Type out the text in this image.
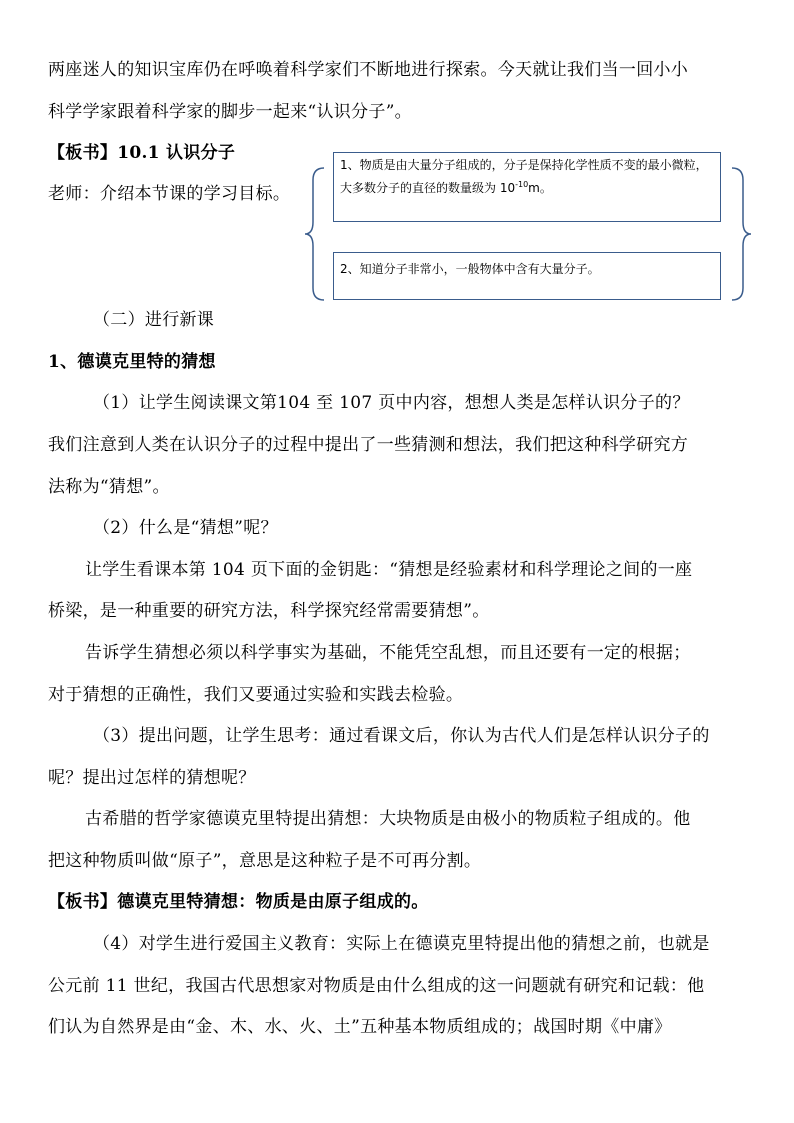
两座迷人的知识宝库仍在呼唤着科学家们不断地进行探索。今天就让我们当一回小小
科学学家跟着科学家的脚步一起来“认识分子”。
【板书】10.1 认识分子
老师：介绍本节课的学习目标。
1、物质是由大量分子组成的，分子是保持化学性质不变的最小微粒，大多数分子的直径的数量级为 $10^{-10}m$。
2、知道分子非常小，一般物体中含有大量分子。
（二）进行新课
1、德谟克里特的猜想
（1）让学生阅读课文第104 至 107 页中内容，想想人类是怎样认识分子的？
我们注意到人类在认识分子的过程中提出了一些猜测和想法，我们把这种科学研究方
法称为“猜想”。
（2）什么是“猜想”呢？
让学生看课本第 104 页下面的金钥匙：“猜想是经验素材和科学理论之间的一座
桥梁，是一种重要的研究方法，科学探究经常需要猜想”。
告诉学生猜想必须以科学事实为基础，不能凭空乱想，而且还要有一定的根据；
对于猜想的正确性，我们又要通过实验和实践去检验。
（3）提出问题，让学生思考：通过看课文后，你认为古代人们是怎样认识分子的
呢？提出过怎样的猜想呢？
古希腊的哲学家德谟克里特提出猜想：大块物质是由极小的物质粒子组成的。他
把这种物质叫做“原子”，意思是这种粒子是不可再分割。
【板书】德谟克里特猜想：物质是由原子组成的。
（4）对学生进行爱国主义教育：实际上在德谟克里特提出他的猜想之前，也就是
公元前 11 世纪，我国古代思想家对物质是由什么组成的这一问题就有研究和记载：他
们认为自然界是由“金、木、水、火、土”五种基本物质组成的；战国时期《中庸》
